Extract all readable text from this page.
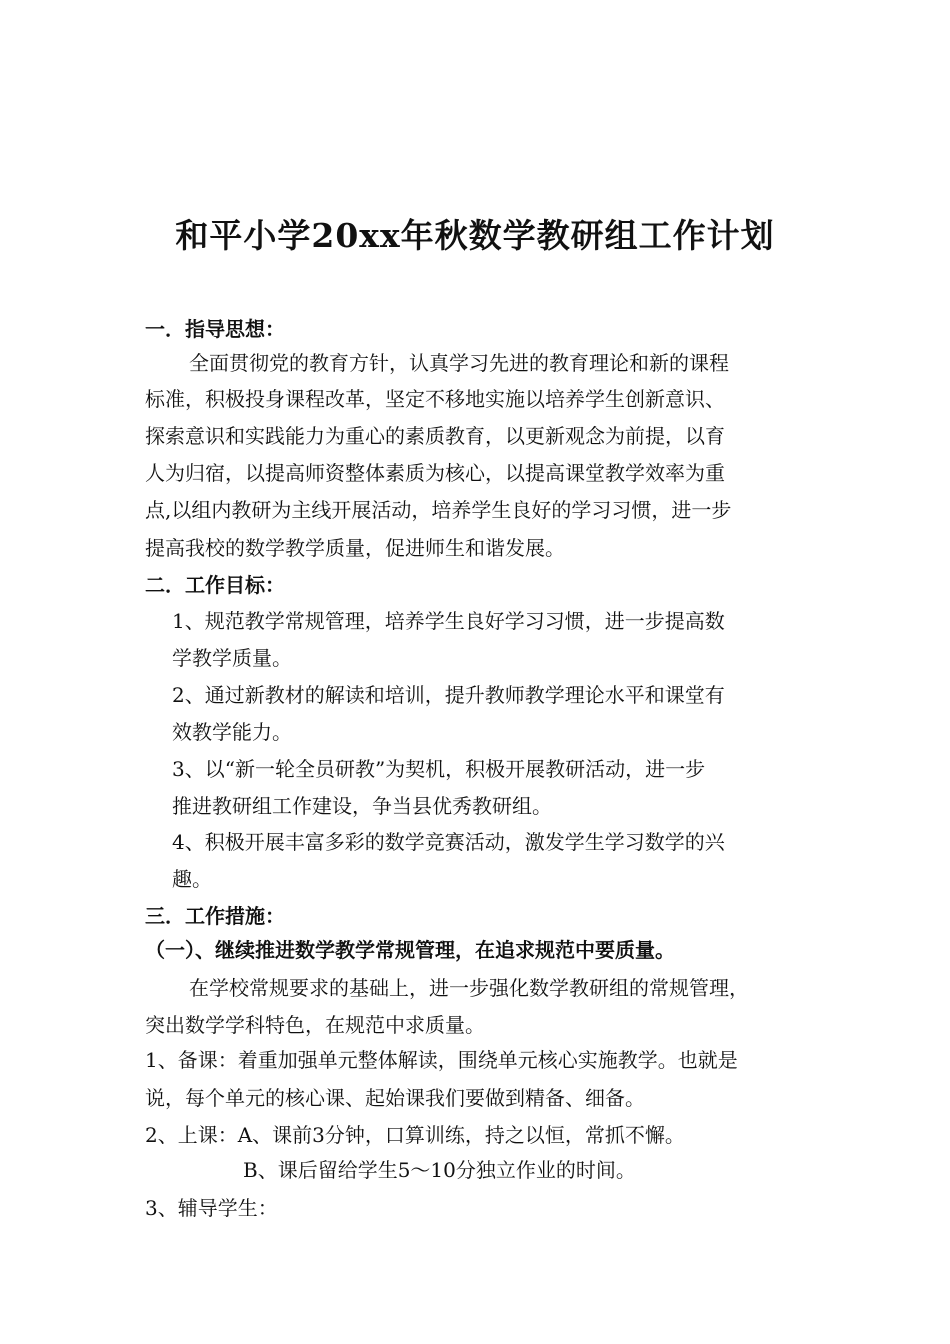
和平小学20xx年秋数学教研组工作计划
一．指导思想：
全面贯彻党的教育方针，认真学习先进的教育理论和新的课程
标准，积极投身课程改革，坚定不移地实施以培养学生创新意识、
探索意识和实践能力为重心的素质教育，以更新观念为前提，以育
人为归宿，以提高师资整体素质为核心，以提高课堂教学效率为重
点,以组内教研为主线开展活动，培养学生良好的学习习惯，进一步
提高我校的数学教学质量，促进师生和谐发展。
二．工作目标：
1、规范教学常规管理，培养学生良好学习习惯，进一步提高数
学教学质量。
2、通过新教材的解读和培训，提升教师教学理论水平和课堂有
效教学能力。
3、以“新一轮全员研教”为契机，积极开展教研活动，进一步
推进教研组工作建设，争当县优秀教研组。
4、积极开展丰富多彩的数学竞赛活动，激发学生学习数学的兴
趣。
三．工作措施：
（一）、继续推进数学教学常规管理，在追求规范中要质量。
在学校常规要求的基础上，进一步强化数学教研组的常规管理，
突出数学学科特色，在规范中求质量。
1、备课：着重加强单元整体解读，围绕单元核心实施教学。也就是
说，每个单元的核心课、起始课我们要做到精备、细备。
2、上课：A、课前3分钟，口算训练，持之以恒，常抓不懈。
B、课后留给学生5～10分独立作业的时间。
3、辅导学生：
